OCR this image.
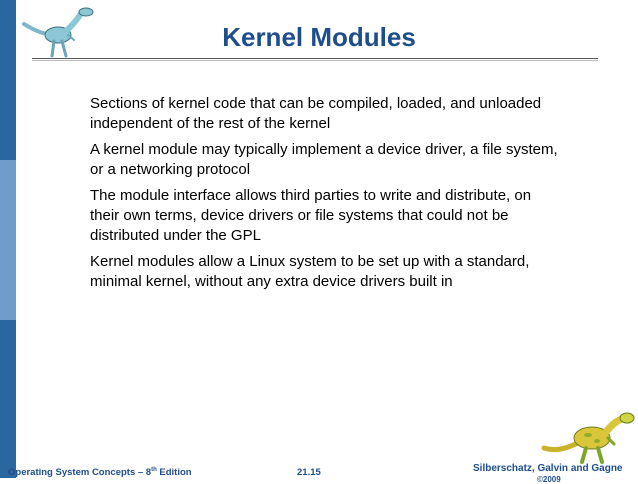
Kernel Modules
Sections of kernel code that can be compiled, loaded, and unloaded independent of the rest of the kernel
A kernel module may typically implement a device driver, a file system, or a networking protocol
The module interface allows third parties to write and distribute, on their own terms, device drivers or file systems that could not be distributed under the GPL
Kernel modules allow a Linux system to be set up with a standard, minimal kernel, without any extra device drivers built in
Operating System Concepts – 8th Edition	21.15	Silberschatz, Galvin and Gagne
©2009
